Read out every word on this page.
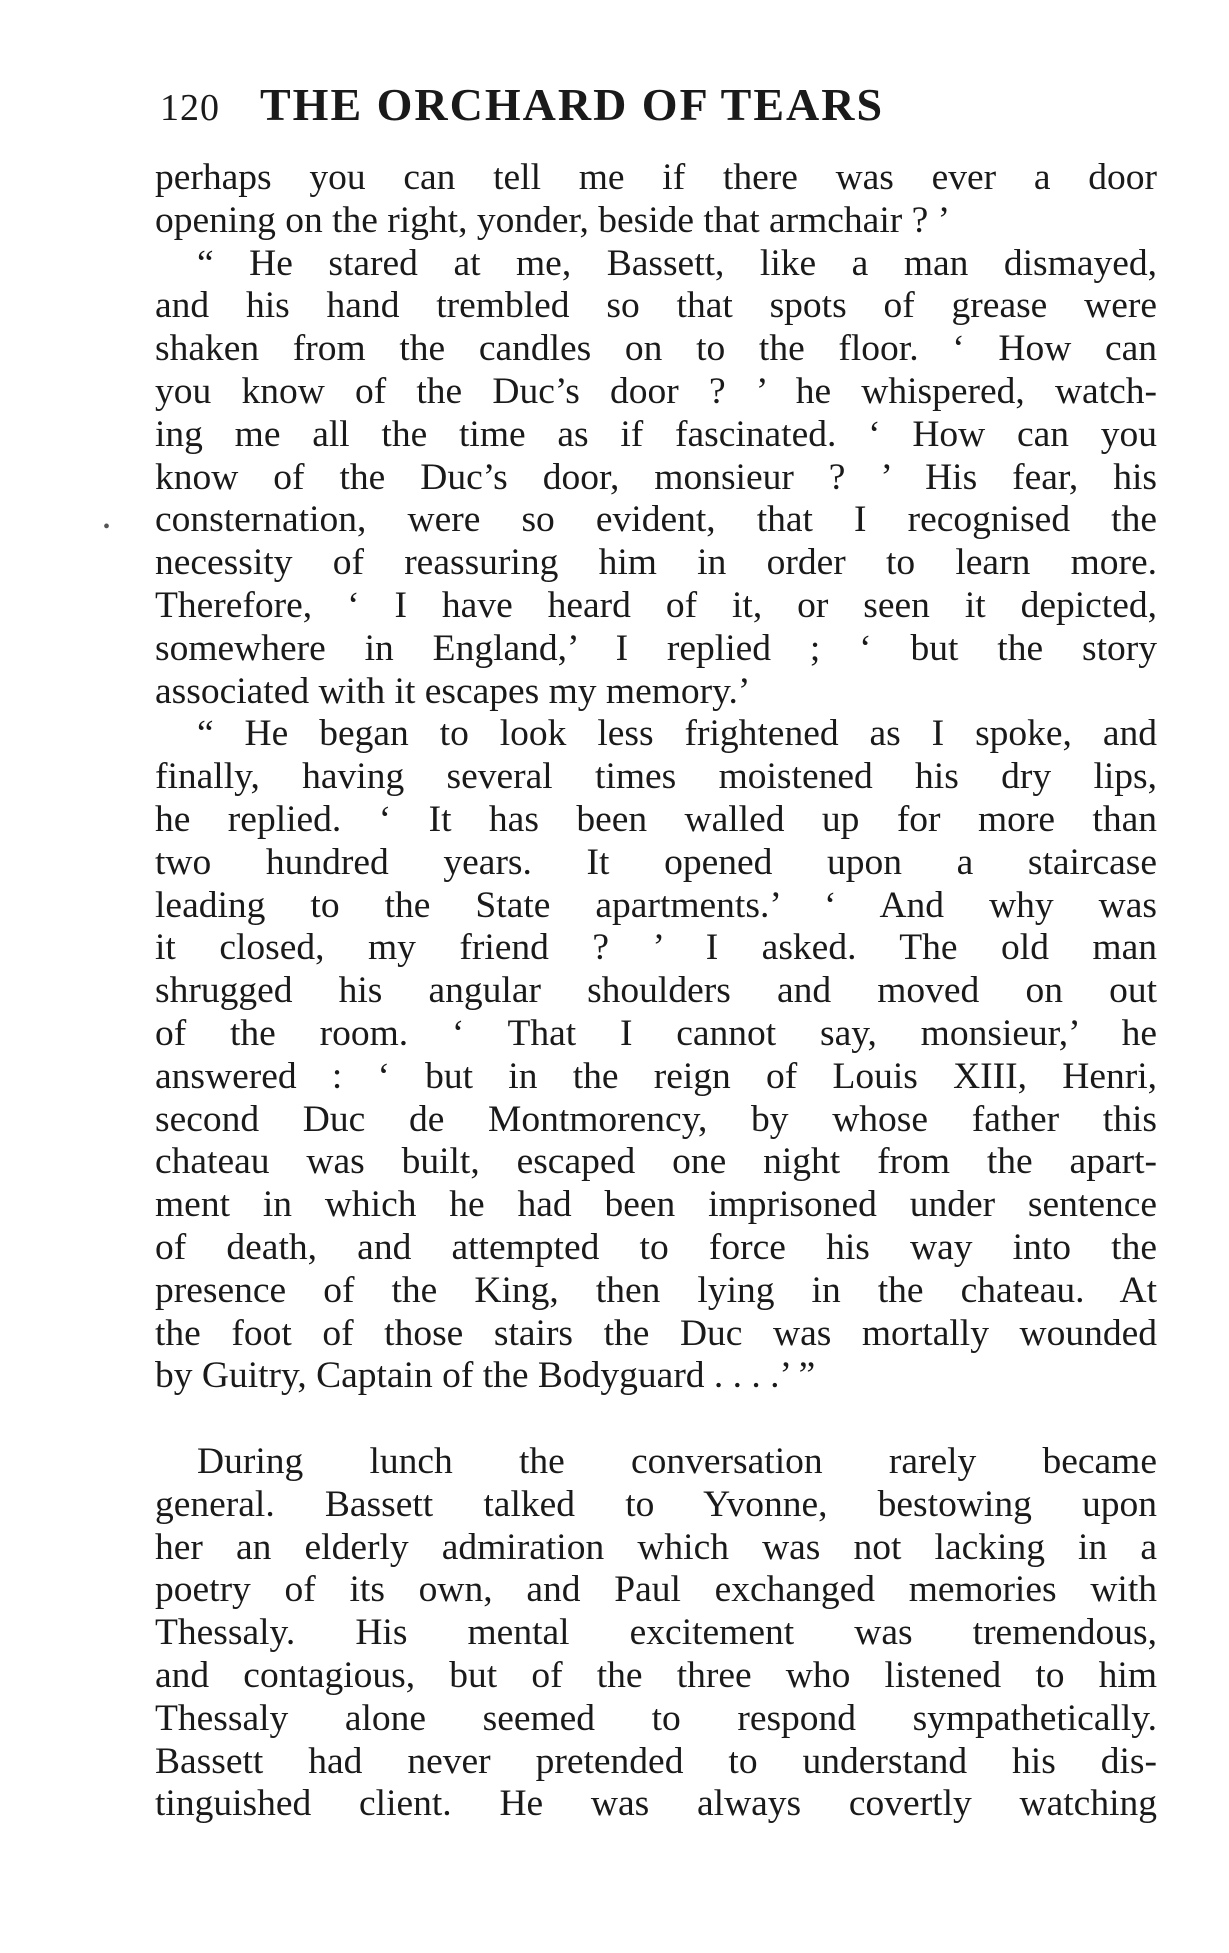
120 THE ORCHARD OF TEARS
•
perhaps you can tell me if there was ever a door
opening on the right, yonder, beside that armchair ? ’
“ He stared at me, Bassett, like a man dismayed,
and his hand trembled so that spots of grease were
shaken from the candles on to the floor. ‘ How can
you know of the Duc’s door ? ’ he whispered, watch-
ing me all the time as if fascinated. ‘ How can you
know of the Duc’s door, monsieur ? ’ His fear, his
consternation, were so evident, that I recognised the
necessity of reassuring him in order to learn more.
Therefore, ‘ I have heard of it, or seen it depicted,
somewhere in England,’ I replied ; ‘ but the story
associated with it escapes my memory.’
“ He began to look less frightened as I spoke, and
finally, having several times moistened his dry lips,
he replied. ‘ It has been walled up for more than
two hundred years. It opened upon a staircase
leading to the State apartments.’ ‘ And why was
it closed, my friend ? ’ I asked. The old man
shrugged his angular shoulders and moved on out
of the room. ‘ That I cannot say, monsieur,’ he
answered : ‘ but in the reign of Louis XIII, Henri,
second Duc de Montmorency, by whose father this
chateau was built, escaped one night from the apart-
ment in which he had been imprisoned under sentence
of death, and attempted to force his way into the
presence of the King, then lying in the chateau. At
the foot of those stairs the Duc was mortally wounded
by Guitry, Captain of the Bodyguard . . . .’ ”
During lunch the conversation rarely became
general. Bassett talked to Yvonne, bestowing upon
her an elderly admiration which was not lacking in a
poetry of its own, and Paul exchanged memories with
Thessaly. His mental excitement was tremendous,
and contagious, but of the three who listened to him
Thessaly alone seemed to respond sympathetically.
Bassett had never pretended to understand his dis-
tinguished client. He was always covertly watching
